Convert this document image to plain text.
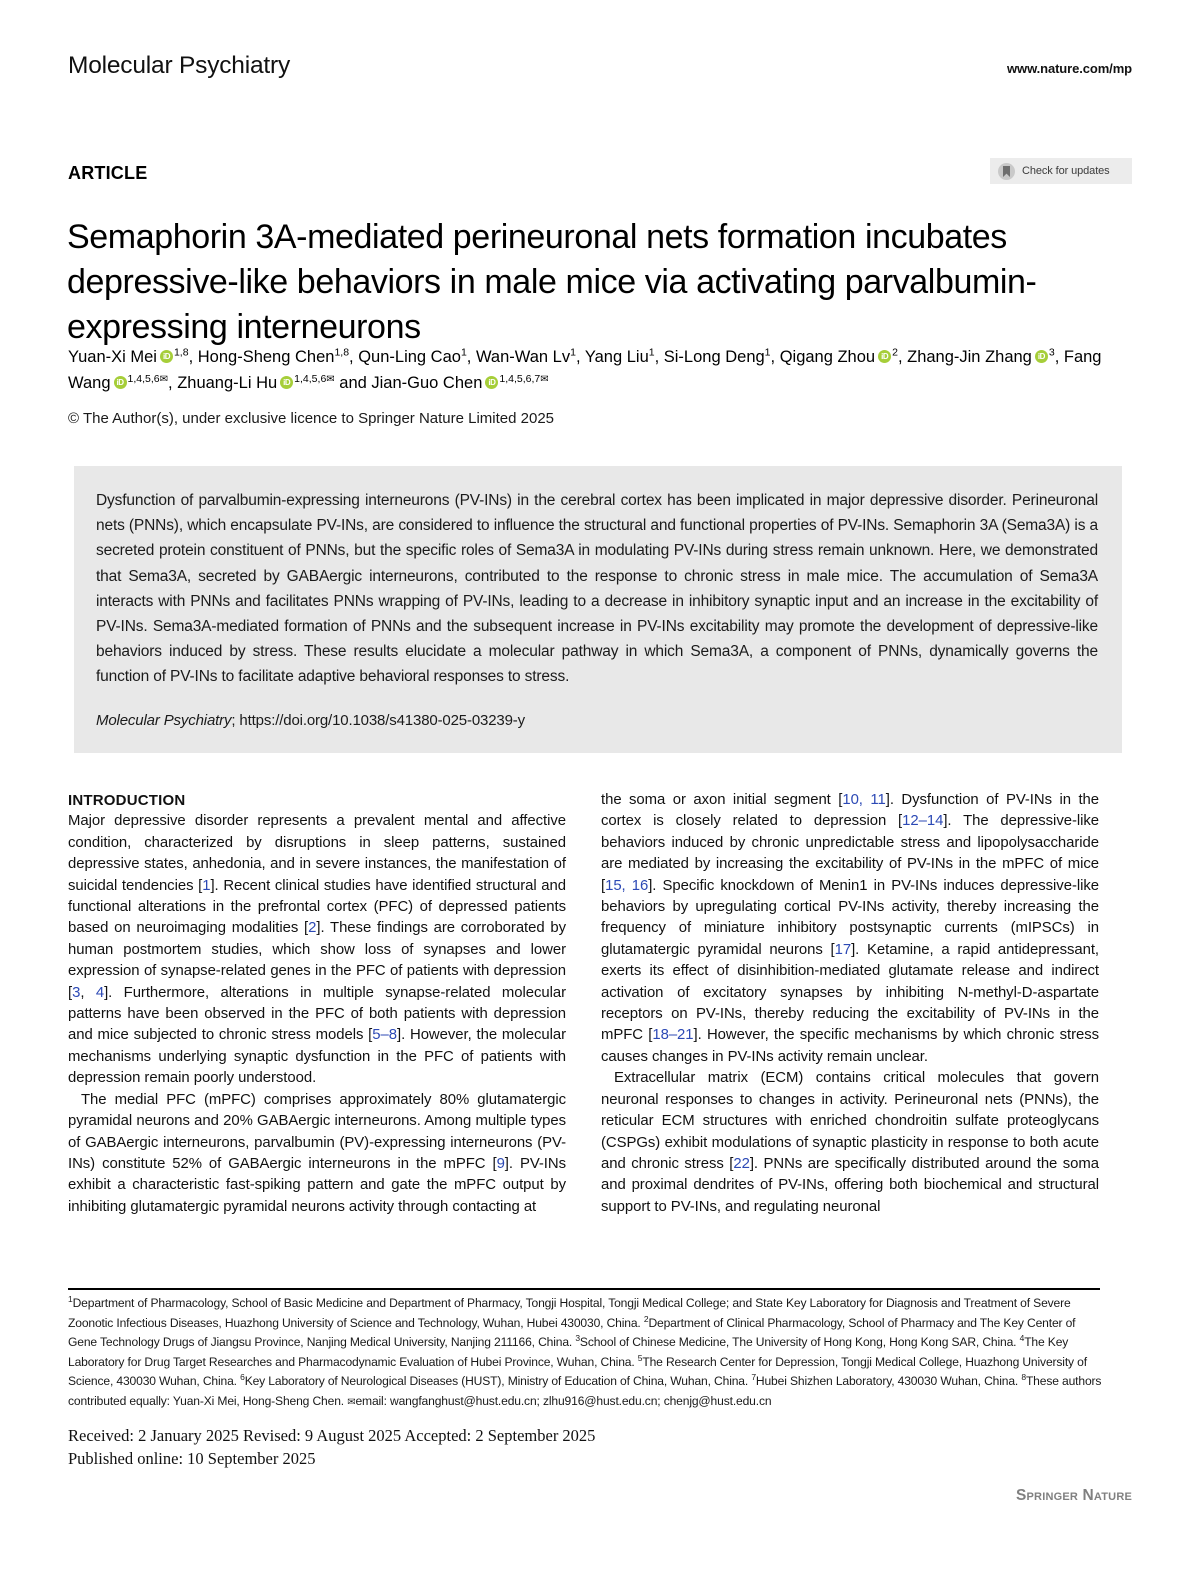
Molecular Psychiatry	www.nature.com/mp
Check for updates
ARTICLE
Semaphorin 3A-mediated perineuronal nets formation incubates depressive-like behaviors in male mice via activating parvalbumin-expressing interneurons
Yuan-Xi Mei iD $^{1,8}$, Hong-Sheng Chen$^{1,8}$, Qun-Ling Cao$^1$, Wan-Wan Lv$^1$, Yang Liu$^1$, Si-Long Deng$^1$, Qigang Zhou iD $^2$, Zhang-Jin Zhang iD $^3$, Fang Wang iD $^{1,4,5,6✉}$, Zhuang-Li Hu iD $^{1,4,5,6✉}$ and Jian-Guo Chen iD $^{1,4,5,6,7✉}$
© The Author(s), under exclusive licence to Springer Nature Limited 2025
Dysfunction of parvalbumin-expressing interneurons (PV-INs) in the cerebral cortex has been implicated in major depressive disorder. Perineuronal nets (PNNs), which encapsulate PV-INs, are considered to influence the structural and functional properties of PV-INs. Semaphorin 3A (Sema3A) is a secreted protein constituent of PNNs, but the specific roles of Sema3A in modulating PV-INs during stress remain unknown. Here, we demonstrated that Sema3A, secreted by GABAergic interneurons, contributed to the response to chronic stress in male mice. The accumulation of Sema3A interacts with PNNs and facilitates PNNs wrapping of PV-INs, leading to a decrease in inhibitory synaptic input and an increase in the excitability of PV-INs. Sema3A-mediated formation of PNNs and the subsequent increase in PV-INs excitability may promote the development of depressive-like behaviors induced by stress. These results elucidate a molecular pathway in which Sema3A, a component of PNNs, dynamically governs the function of PV-INs to facilitate adaptive behavioral responses to stress.
Molecular Psychiatry; https://doi.org/10.1038/s41380-025-03239-y
INTRODUCTION

Major depressive disorder represents a prevalent mental and affective condition, characterized by disruptions in sleep patterns, sustained depressive states, anhedonia, and in severe instances, the manifestation of suicidal tendencies [1]. Recent clinical studies have identified structural and functional alterations in the prefrontal cortex (PFC) of depressed patients based on neuroimaging modalities [2]. These findings are corroborated by human postmortem studies, which show loss of synapses and lower expression of synapse-related genes in the PFC of patients with depression [3, 4]. Furthermore, alterations in multiple synapse-related molecular patterns have been observed in the PFC of both patients with depression and mice subjected to chronic stress models [5–8]. However, the molecular mechanisms underlying synaptic dysfunction in the PFC of patients with depression remain poorly understood.

The medial PFC (mPFC) comprises approximately 80% glutamatergic pyramidal neurons and 20% GABAergic interneurons. Among multiple types of GABAergic interneurons, parvalbumin (PV)-expressing interneurons (PV-INs) constitute 52% of GABAergic interneurons in the mPFC [9]. PV-INs exhibit a characteristic fast-spiking pattern and gate the mPFC output by inhibiting glutamatergic pyramidal neurons activity through contacting at

the soma or axon initial segment [10, 11]. Dysfunction of PV-INs in the cortex is closely related to depression [12–14]. The depressive-like behaviors induced by chronic unpredictable stress and lipopolysaccharide are mediated by increasing the excitability of PV-INs in the mPFC of mice [15, 16]. Specific knockdown of Menin1 in PV-INs induces depressive-like behaviors by upregulating cortical PV-INs activity, thereby increasing the frequency of miniature inhibitory postsynaptic currents (mIPSCs) in glutamatergic pyramidal neurons [17]. Ketamine, a rapid antidepressant, exerts its effect of disinhibition-mediated glutamate release and indirect activation of excitatory synapses by inhibiting N-methyl-D-aspartate receptors on PV-INs, thereby reducing the excitability of PV-INs in the mPFC [18–21]. However, the specific mechanisms by which chronic stress causes changes in PV-INs activity remain unclear.

Extracellular matrix (ECM) contains critical molecules that govern neuronal responses to changes in activity. Perineuronal nets (PNNs), the reticular ECM structures with enriched chondroitin sulfate proteoglycans (CSPGs) exhibit modulations of synaptic plasticity in response to both acute and chronic stress [22]. PNNs are specifically distributed around the soma and proximal dendrites of PV-INs, offering both biochemical and structural support to PV-INs, and regulating neuronal

$^1$Department of Pharmacology, School of Basic Medicine and Department of Pharmacy, Tongji Hospital, Tongji Medical College; and State Key Laboratory for Diagnosis and Treatment of Severe Zoonotic Infectious Diseases, Huazhong University of Science and Technology, Wuhan, Hubei 430030, China. $^2$Department of Clinical Pharmacology, School of Pharmacy and The Key Center of Gene Technology Drugs of Jiangsu Province, Nanjing Medical University, Nanjing 211166, China. $^3$School of Chinese Medicine, The University of Hong Kong, Hong Kong SAR, China. $^4$The Key Laboratory for Drug Target Researches and Pharmacodynamic Evaluation of Hubei Province, Wuhan, China. $^5$The Research Center for Depression, Tongji Medical College, Huazhong University of Science, 430030 Wuhan, China. $^6$Key Laboratory of Neurological Diseases (HUST), Ministry of Education of China, Wuhan, China. $^7$Hubei Shizhen Laboratory, 430030 Wuhan, China. $^8$These authors contributed equally: Yuan-Xi Mei, Hong-Sheng Chen. ✉email: wangfanghust@hust.edu.cn; zlhu916@hust.edu.cn; chenjg@hust.edu.cn
Received: 2 January 2025 Revised: 9 August 2025 Accepted: 2 September 2025
Published online: 10 September 2025
Springer Nature
